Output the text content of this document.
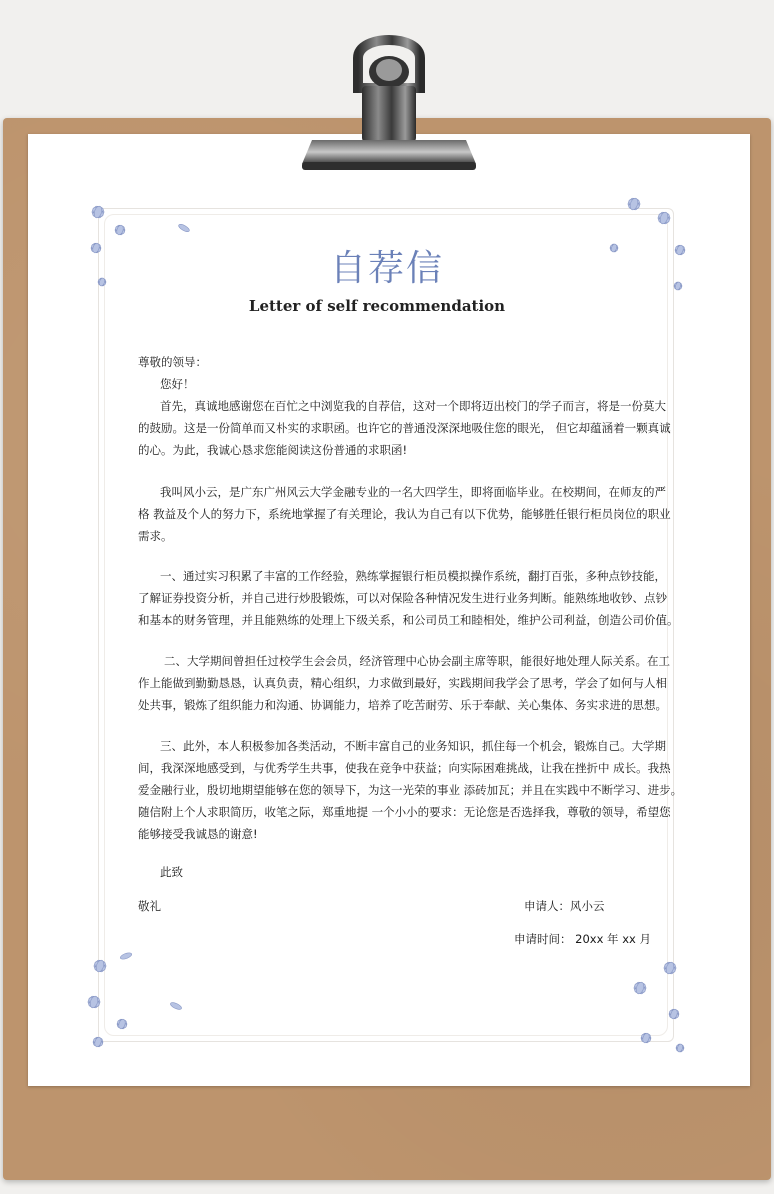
自荐信
Letter of self recommendation
尊敬的领导：
您好！
首先，真诚地感谢您在百忙之中浏览我的自荐信，这对一个即将迈出校门的学子而言，将是一份莫大
的鼓励。这是一份简单而又朴实的求职函。也许它的普通没深深地吸住您的眼光， 但它却蕴涵着一颗真诚
的心。为此，我诚心恳求您能阅读这份普通的求职函!
我叫风小云，是广东广州风云大学金融专业的一名大四学生，即将面临毕业。在校期间，在师友的严
格 教益及个人的努力下，系统地掌握了有关理论，我认为自己有以下优势，能够胜任银行柜员岗位的职业
需求。
一、通过实习积累了丰富的工作经验，熟练掌握银行柜员模拟操作系统，翻打百张，多种点钞技能，
了解证券投资分析，并自己进行炒股锻炼，可以对保险各种情况发生进行业务判断。能熟练地收钞、点钞
和基本的财务管理，并且能熟练的处理上下级关系，和公司员工和睦相处，维护公司利益，创造公司价值。
二、大学期间曾担任过校学生会会员，经济管理中心协会副主席等职，能很好地处理人际关系。在工
作上能做到勤勤恳恳，认真负责，精心组织，力求做到最好，实践期间我学会了思考，学会了如何与人相
处共事，锻炼了组织能力和沟通、协调能力，培养了吃苦耐劳、乐于奉献、关心集体、务实求进的思想。
三、此外，本人积极参加各类活动，不断丰富自己的业务知识，抓住每一个机会，锻炼自己。大学期
间，我深深地感受到，与优秀学生共事，使我在竞争中获益；向实际困难挑战，让我在挫折中 成长。我热
爱金融行业，殷切地期望能够在您的领导下，为这一光荣的事业 添砖加瓦；并且在实践中不断学习、进步。
随信附上个人求职简历，收笔之际，郑重地提 一个小小的要求：无论您是否选择我，尊敬的领导，希望您
能够接受我诚恳的谢意!
此致
敬礼	申请人：风小云
申请时间： 20xx 年 xx 月
